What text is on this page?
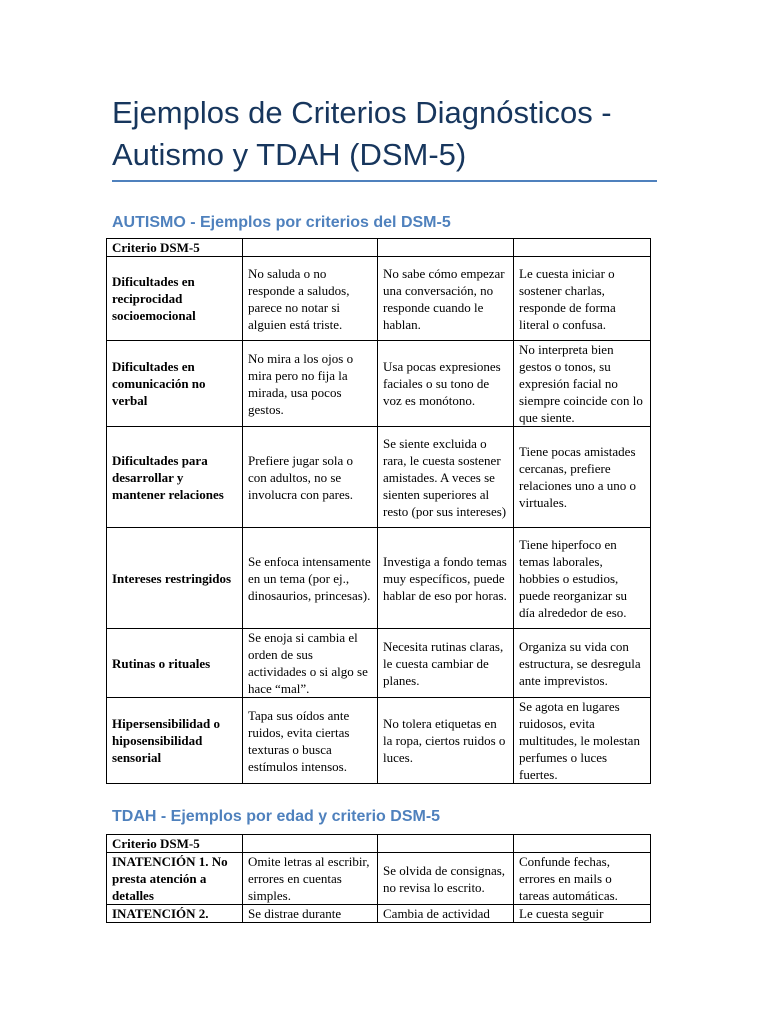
Ejemplos de Criterios Diagnósticos -
Autismo y TDAH (DSM-5)
AUTISMO - Ejemplos por criterios del DSM-5
Criterio DSM-5			
Dificultades en reciprocidad socioemocional	No saluda o no responde a saludos, parece no notar si alguien está triste.	No sabe cómo empezar una conversación, no responde cuando le hablan.	Le cuesta iniciar o sostener charlas, responde de forma literal o confusa.
Dificultades en comunicación no verbal	No mira a los ojos o mira pero no fija la mirada, usa pocos gestos.	Usa pocas expresiones faciales o su tono de voz es monótono.	No interpreta bien gestos o tonos, su expresión facial no siempre coincide con lo que siente.
Dificultades para desarrollar y mantener relaciones	Prefiere jugar sola o con adultos, no se involucra con pares.	Se siente excluida o rara, le cuesta sostener amistades. A veces se sienten superiores al resto (por sus intereses)	Tiene pocas amistades cercanas, prefiere relaciones uno a uno o virtuales.
Intereses restringidos	Se enfoca intensamente en un tema (por ej., dinosaurios, princesas).	Investiga a fondo temas muy específicos, puede hablar de eso por horas.	Tiene hiperfoco en temas laborales, hobbies o estudios, puede reorganizar su día alrededor de eso.
Rutinas o rituales	Se enoja si cambia el orden de sus actividades o si algo se hace “mal”.	Necesita rutinas claras, le cuesta cambiar de planes.	Organiza su vida con estructura, se desregula ante imprevistos.
Hipersensibilidad o hiposensibilidad sensorial	Tapa sus oídos ante ruidos, evita ciertas texturas o busca estímulos intensos.	No tolera etiquetas en la ropa, ciertos ruidos o luces.	Se agota en lugares ruidosos, evita multitudes, le molestan perfumes o luces fuertes.
TDAH - Ejemplos por edad y criterio DSM-5
Criterio DSM-5			
INATENCIÓN 1. No presta atención a detalles	Omite letras al escribir, errores en cuentas simples.	Se olvida de consignas, no revisa lo escrito.	Confunde fechas, errores en mails o tareas automáticas.
INATENCIÓN 2.	Se distrae durante	Cambia de actividad	Le cuesta seguir
